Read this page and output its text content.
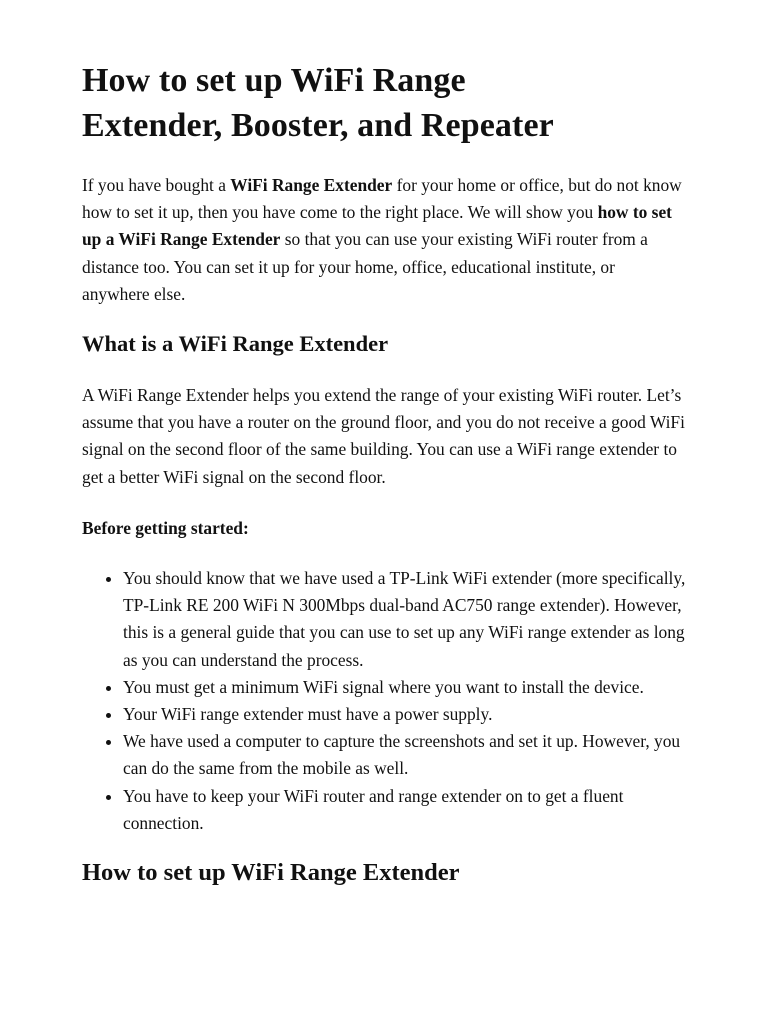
How to set up WiFi Range
Extender, Booster, and Repeater

If you have bought a WiFi Range Extender for your home or office, but do not know how to set it up, then you have come to the right place. We will show you how to set up a WiFi Range Extender so that you can use your existing WiFi router from a distance too. You can set it up for your home, office, educational institute, or anywhere else.

What is a WiFi Range Extender

A WiFi Range Extender helps you extend the range of your existing WiFi router. Let’s assume that you have a router on the ground floor, and you do not receive a good WiFi signal on the second floor of the same building. You can use a WiFi range extender to get a better WiFi signal on the second floor.

Before getting started:

• You should know that we have used a TP-Link WiFi extender (more specifically, TP-Link RE 200 WiFi N 300Mbps dual-band AC750 range extender). However, this is a general guide that you can use to set up any WiFi range extender as long as you can understand the process.
• You must get a minimum WiFi signal where you want to install the device.
• Your WiFi range extender must have a power supply.
• We have used a computer to capture the screenshots and set it up. However, you can do the same from the mobile as well.
• You have to keep your WiFi router and range extender on to get a fluent connection.
How to set up WiFi Range Extender
